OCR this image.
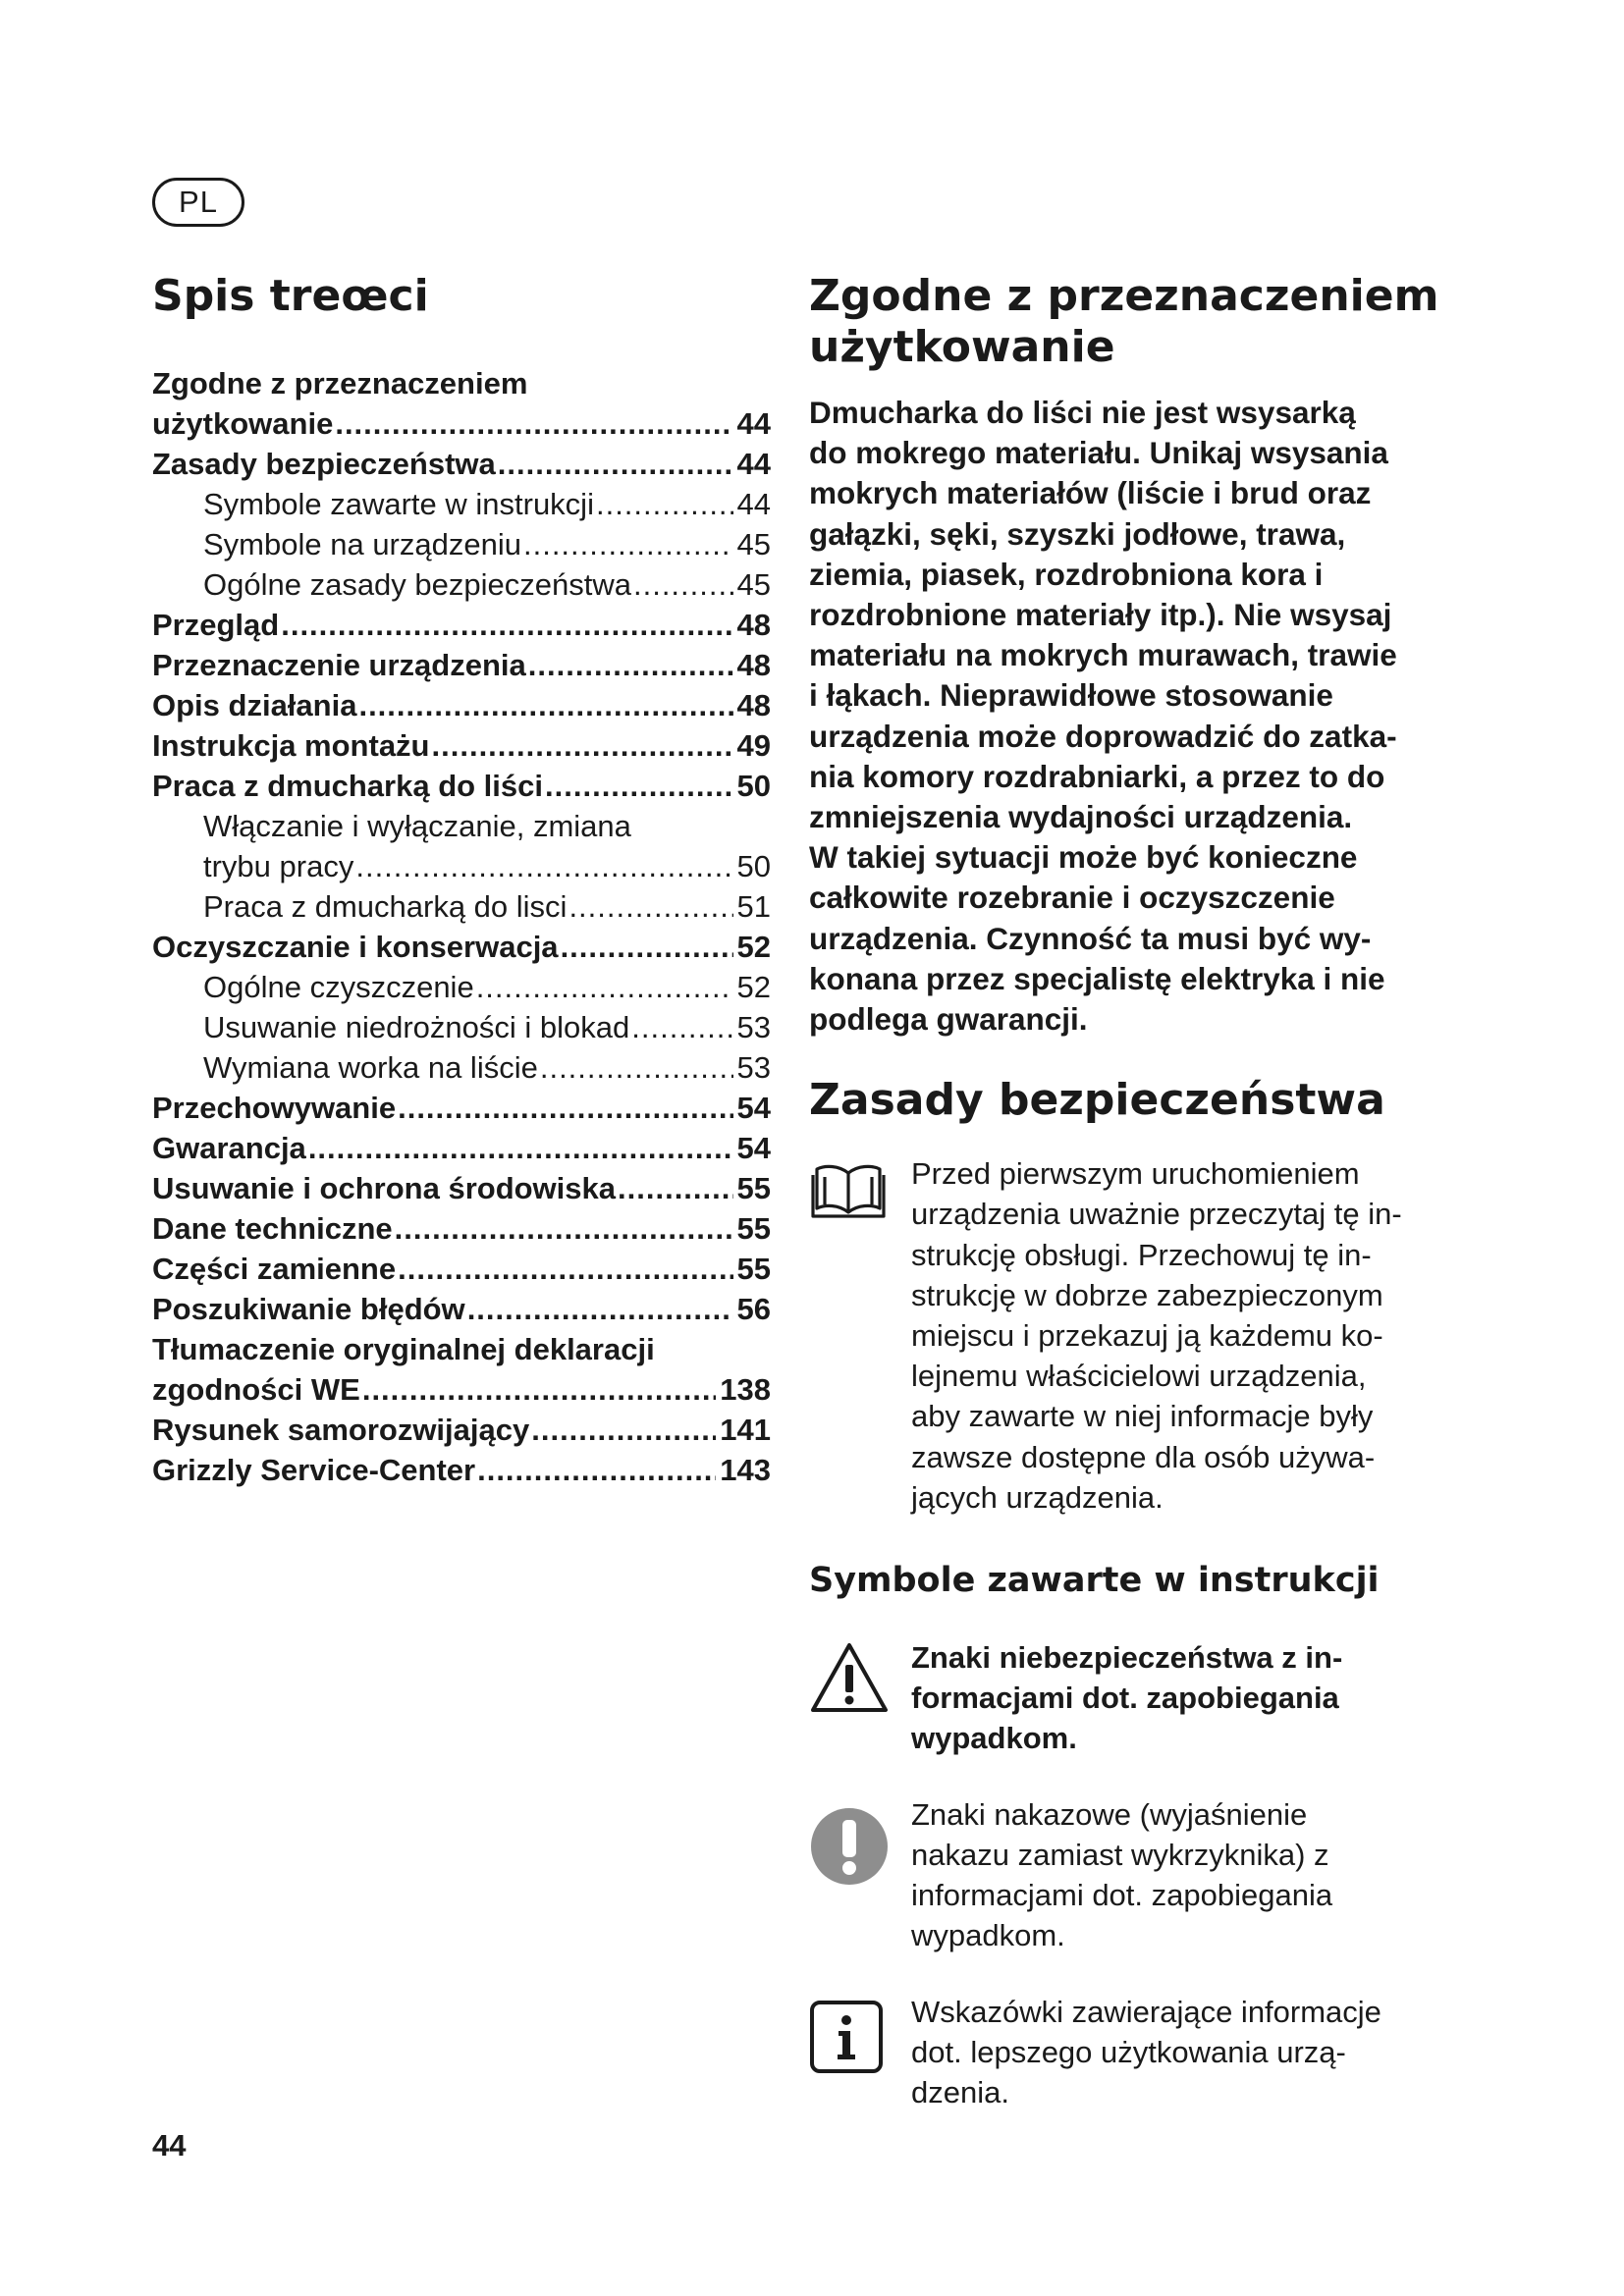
PL
Spis treœci
Zgodne z przeznaczeniem
użytkowanie .....	44
Zasady bezpieczeństwa .....	44
Symbole zawarte w instrukcji .....	44
Symbole na urządzeniu .....	45
Ogólne zasady bezpieczeństwa .....	45
Przegląd .....	48
Przeznaczenie urządzenia .....	48
Opis działania .....	48
Instrukcja montażu .....	49
Praca z dmucharką do liści .....	50
Włączanie i wyłączanie, zmiana
trybu pracy .....	50
Praca z dmucharką do lisci .....	51
Oczyszczanie i konserwacja .....	52
Ogólne czyszczenie .....	52
Usuwanie niedrożności i blokad .....	53
Wymiana worka na liście .....	53
Przechowywanie .....	54
Gwarancja .....	54
Usuwanie i ochrona środowiska .....	55
Dane techniczne .....	55
Części zamienne .....	55
Poszukiwanie błędów .....	56
Tłumaczenie oryginalnej deklaracji
zgodności WE .....	138
Rysunek samorozwijający .....	141
Grizzly Service-Center .....	143
Zgodne z przeznaczeniem
użytkowanie

Dmucharka do liści nie jest wsysarką
do mokrego materiału. Unikaj wsysania
mokrych materiałów (liście i brud oraz
gałązki, sęki, szyszki jodłowe, trawa,
ziemia, piasek, rozdrobniona kora i
rozdrobnione materiały itp.). Nie wsysaj
materiału na mokrych murawach, trawie
i łąkach. Nieprawidłowe stosowanie
urządzenia może doprowadzić do zatka-
nia komory rozdrabniarki, a przez to do
zmniejszenia wydajności urządzenia.
W takiej sytuacji może być konieczne
całkowite rozebranie i oczyszczenie
urządzenia. Czynność ta musi być wy-
konana przez specjalistę elektryka i nie
podlega gwarancji.

Zasady bezpieczeństwa

Przed pierwszym uruchomieniem
urządzenia uważnie przeczytaj tę in-
strukcję obsługi. Przechowuj tę in-
strukcję w dobrze zabezpieczonym
miejscu i przekazuj ją każdemu ko-
lejnemu właścicielowi urządzenia,
aby zawarte w niej informacje były
zawsze dostępne dla osób używa-
jących urządzenia.

Symbole zawarte w instrukcji

Znaki niebezpieczeństwa z in-
formacjami dot. zapobiegania
wypadkom.

Znaki nakazowe (wyjaśnienie
nakazu zamiast wykrzyknika) z
informacjami dot. zapobiegania
wypadkom.

Wskazówki zawierające informacje
dot. lepszego użytkowania urzą-
dzenia.

44
